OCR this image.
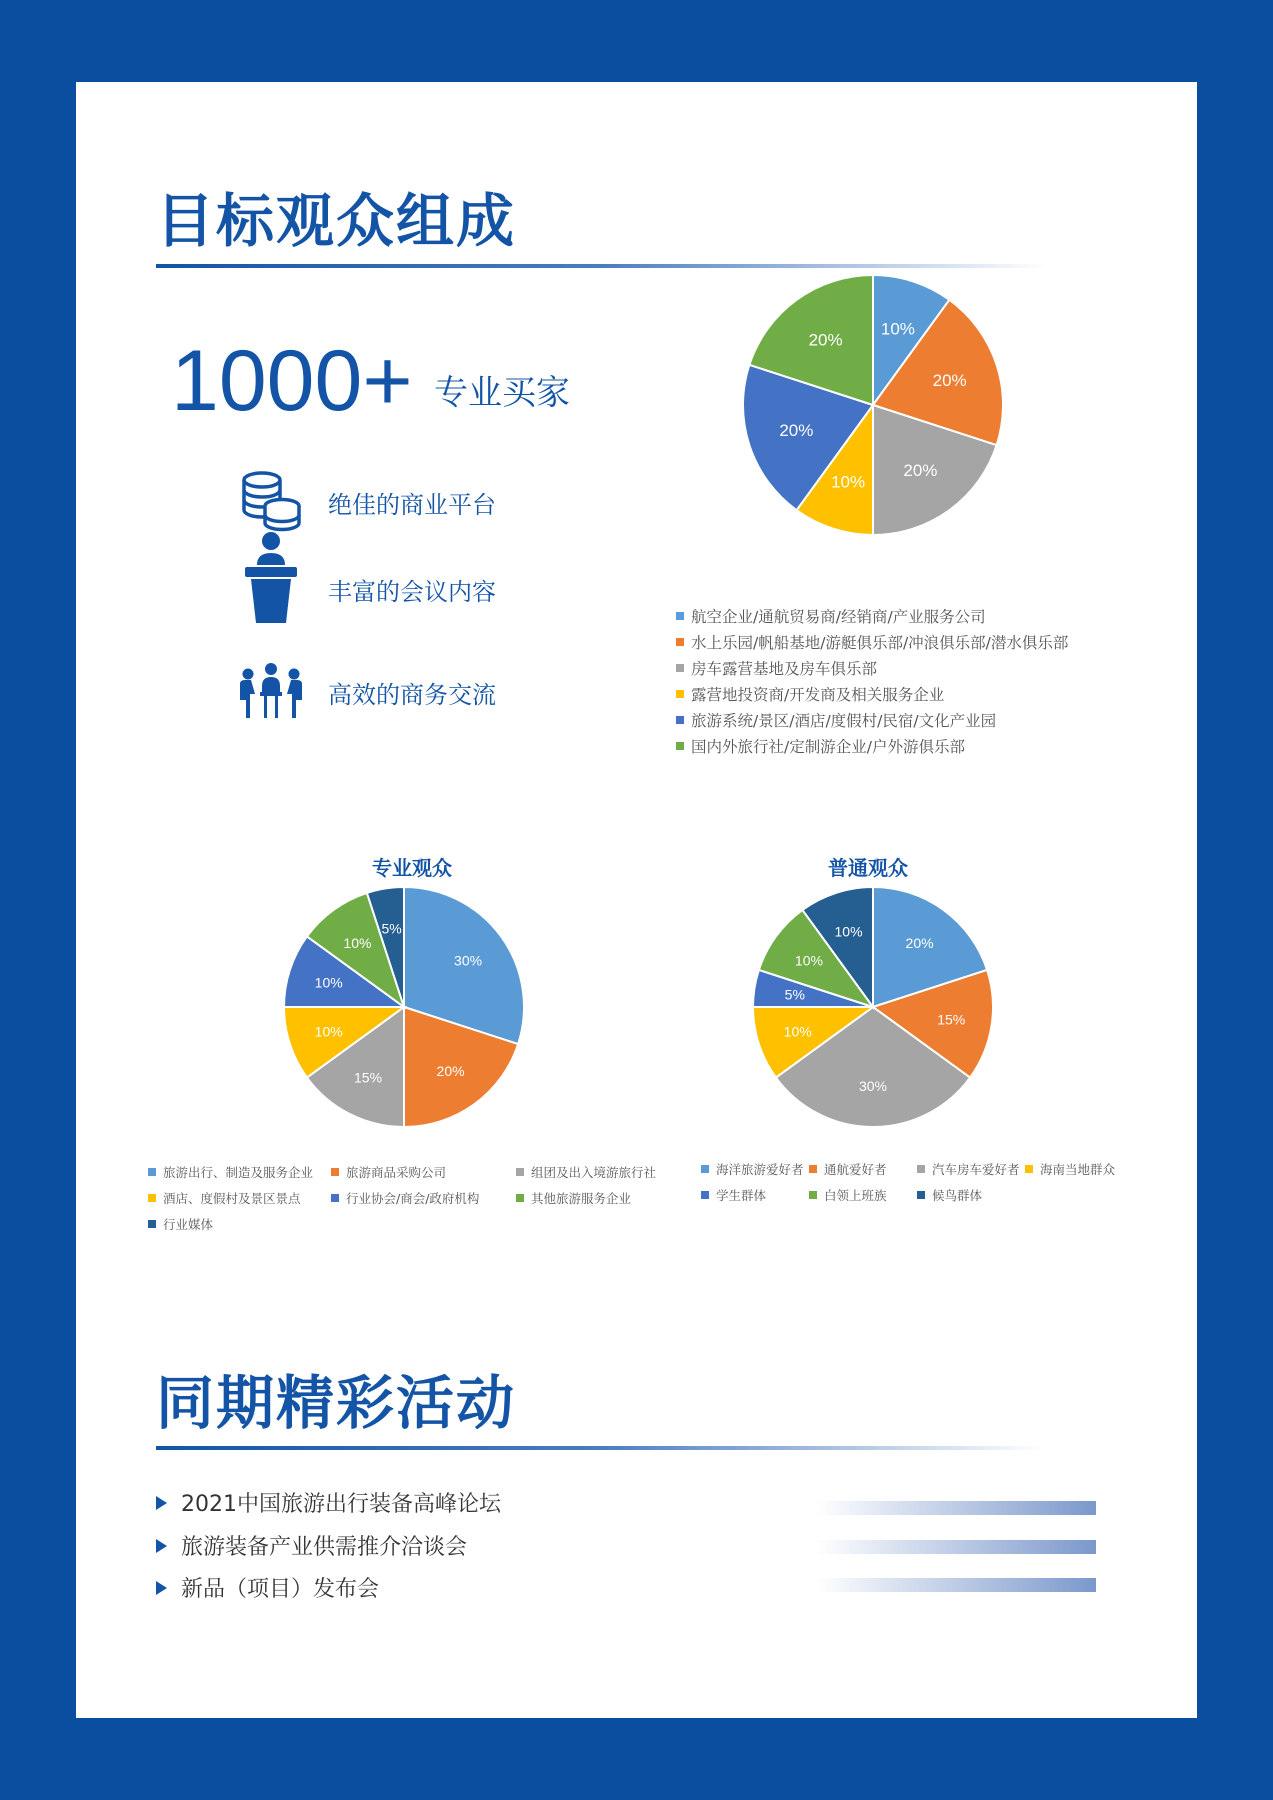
目标观众组成
1000+ 专业买家
绝佳的商业平台
丰富的会议内容
高效的商务交流
10%
20%
20%
10%
20%
20%
航空企业/通航贸易商/经销商/产业服务公司
水上乐园/帆船基地/游艇俱乐部/冲浪俱乐部/潜水俱乐部
房车露营基地及房车俱乐部
露营地投资商/开发商及相关服务企业
旅游系统/景区/酒店/度假村/民宿/文化产业园
国内外旅行社/定制游企业/户外游俱乐部
专业观众
30%
20%
15%
10%
10%
10%
5%
旅游出行、制造及服务企业	旅游商品采购公司	组团及出入境游旅行社
酒店、度假村及景区景点	行业协会/商会/政府机构	其他旅游服务企业
行业媒体
普通观众
20%
15%
30%
10%
5%
10%
10%
海洋旅游爱好者 通航爱好者	汽车房车爱好者 海南当地群众
学生群体	白领上班族	候鸟群体
同期精彩活动
2021中国旅游出行装备高峰论坛
旅游装备产业供需推介洽谈会
新品（项目）发布会
